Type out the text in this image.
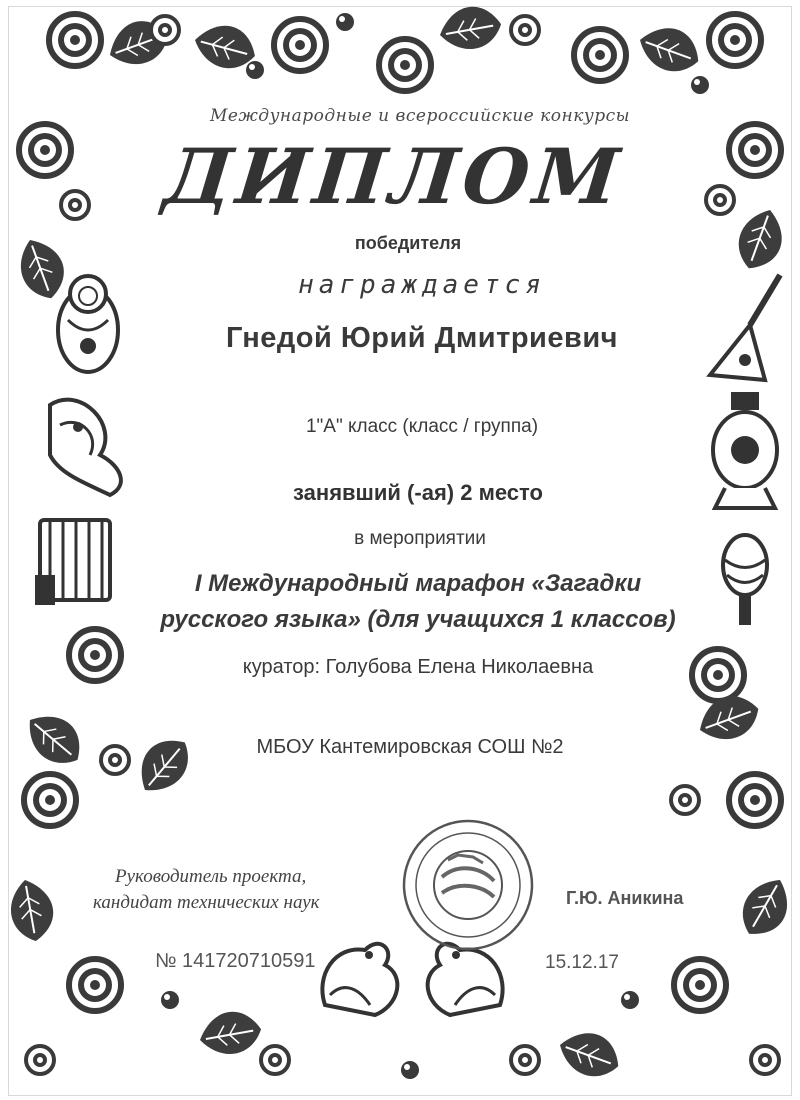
Международные и всероссийские конкурсы
ДИПЛОМ
победителя
награждается
Гнедой Юрий Дмитриевич
1"А" класс (класс / группа)
занявший (-ая) 2 место
в мероприятии
I Международный марафон «Загадки
русского языка» (для учащихся 1 классов)
куратор: Голубова Елена Николаевна
МБОУ Кантемировская СОШ №2
Руководитель проекта,
кандидат технических наук	Г.Ю. Аникина
№ 141720710591	15.12.17
